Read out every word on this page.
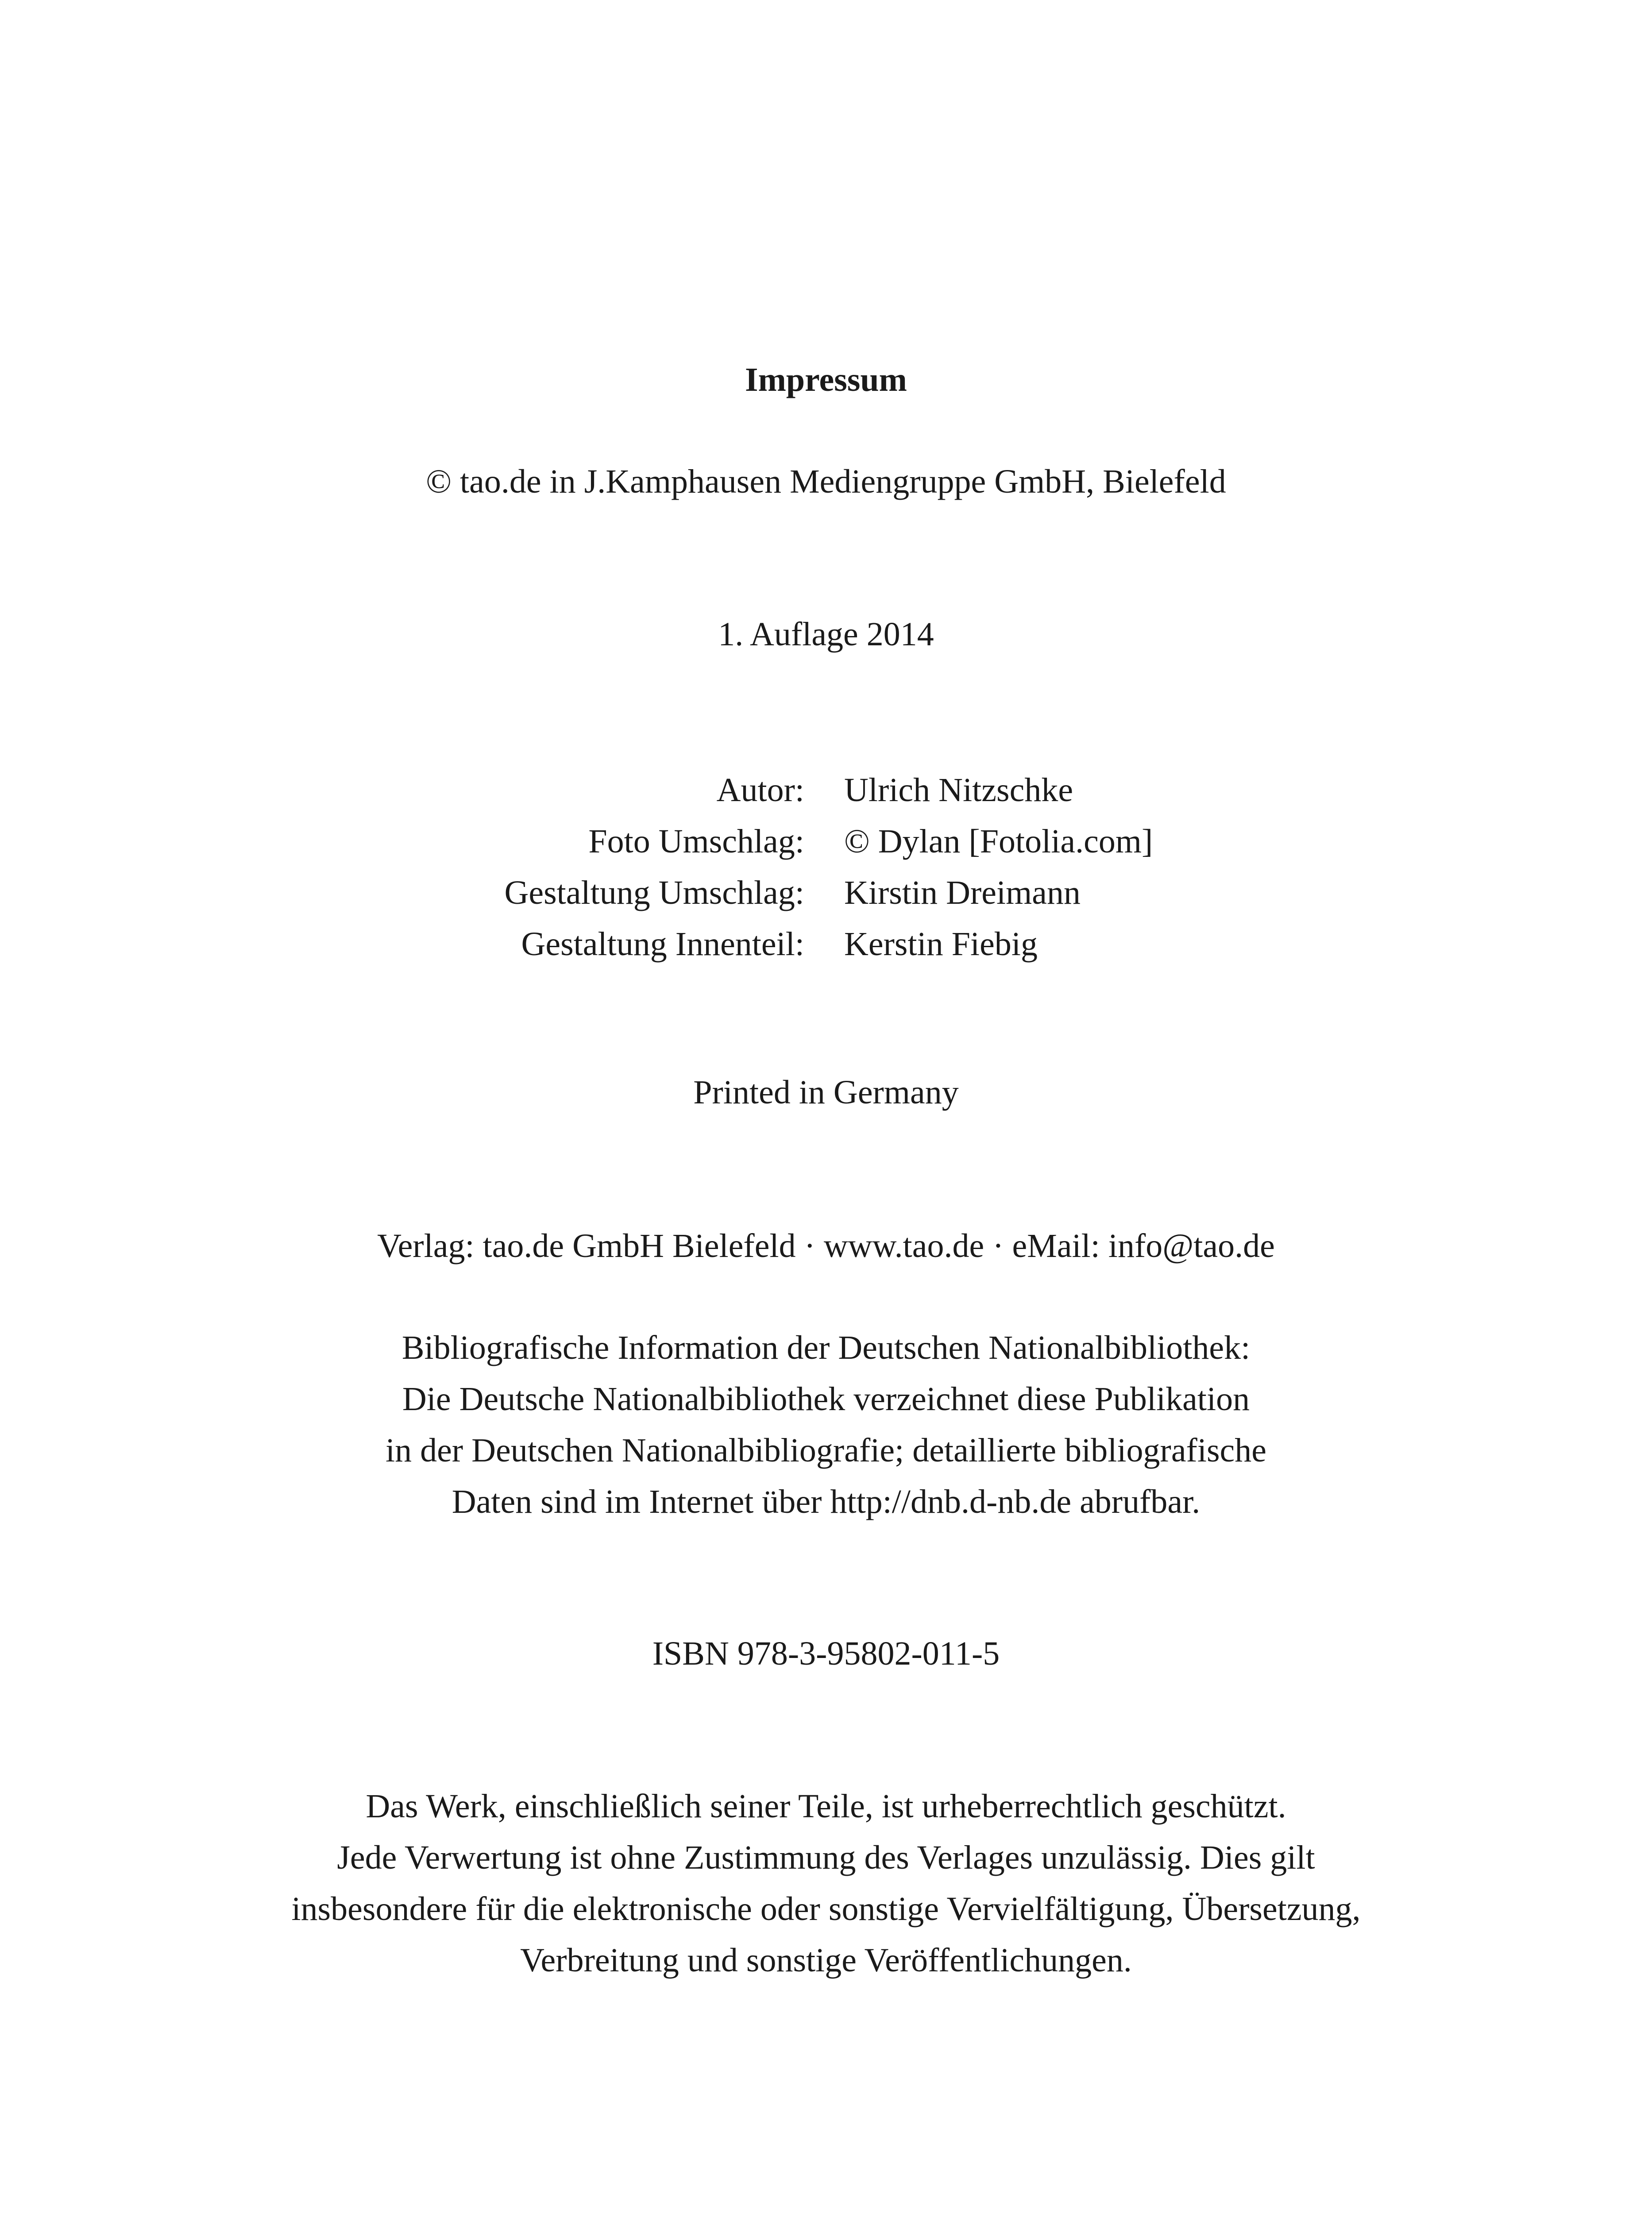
Impressum
© tao.de in J.Kamphausen Mediengruppe GmbH, Bielefeld
1. Auflage 2014
Autor: Ulrich Nitzschke
Foto Umschlag: © Dylan [Fotolia.com]
Gestaltung Umschlag: Kirstin Dreimann
Gestaltung Innenteil: Kerstin Fiebig
Printed in Germany
Verlag: tao.de GmbH Bielefeld · www.tao.de · eMail: info@tao.de
Bibliografische Information der Deutschen Nationalbibliothek:
Die Deutsche Nationalbibliothek verzeichnet diese Publikation
in der Deutschen Nationalbibliografie; detaillierte bibliografische
Daten sind im Internet über http://dnb.d-nb.de abrufbar.
ISBN 978-3-95802-011-5
Das Werk, einschließlich seiner Teile, ist urheberrechtlich geschützt.
Jede Verwertung ist ohne Zustimmung des Verlages unzulässig. Dies gilt
insbesondere für die elektronische oder sonstige Vervielfältigung, Übersetzung,
Verbreitung und sonstige Veröffentlichungen.
